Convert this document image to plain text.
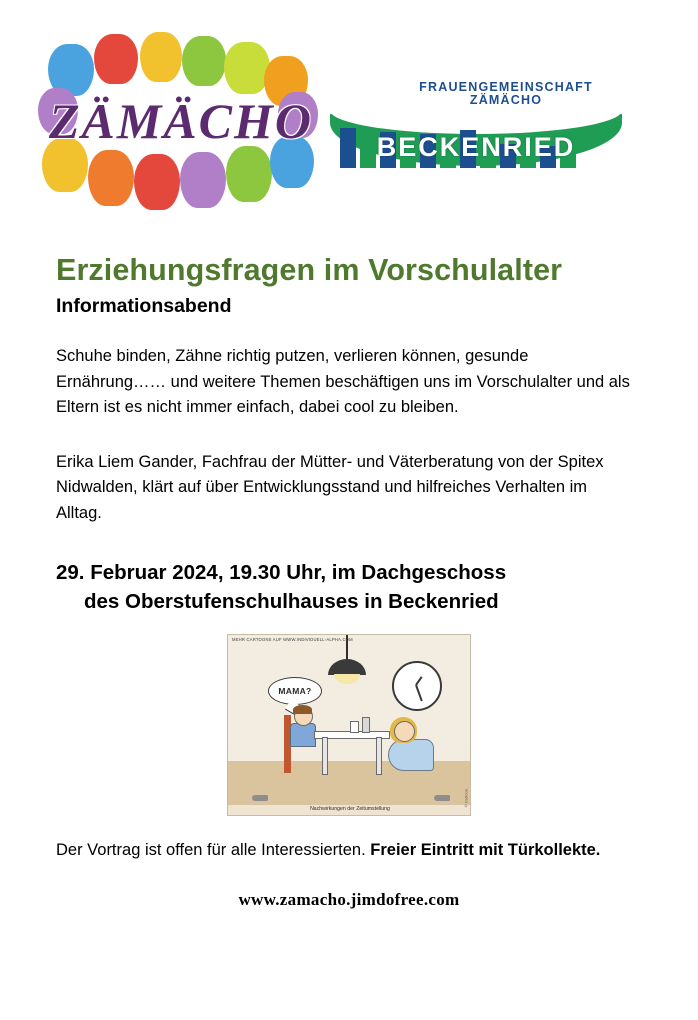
ZÄMÄCHO
FRAUENGEMEINSCHAFT
ZÄMÄCHO
BECKENRIED
Erziehungsfragen im Vorschulalter
Informationsabend

Schuhe binden, Zähne richtig putzen, verlieren können, gesunde Ernährung…… und weitere Themen beschäftigen uns im Vorschulalter und als Eltern ist es nicht immer einfach, dabei cool zu bleiben.

Erika Liem Gander, Fachfrau der Mütter- und Väterberatung von der Spitex Nidwalden, klärt auf über Entwicklungsstand und hilfreiches Verhalten im Alltag.

29. Februar 2024, 19.30 Uhr, im Dachgeschoss
des Oberstufenschulhauses in Beckenried
MAMA?
MEHR CARTOONS AUF WWW.INDIVIDUELL-ALPHA.COM
© Cartoon
Nachwirkungen der Zeitumstellung

Der Vortrag ist offen für alle Interessierten. Freier Eintritt mit Türkollekte.

www.zamacho.jimdofree.com
